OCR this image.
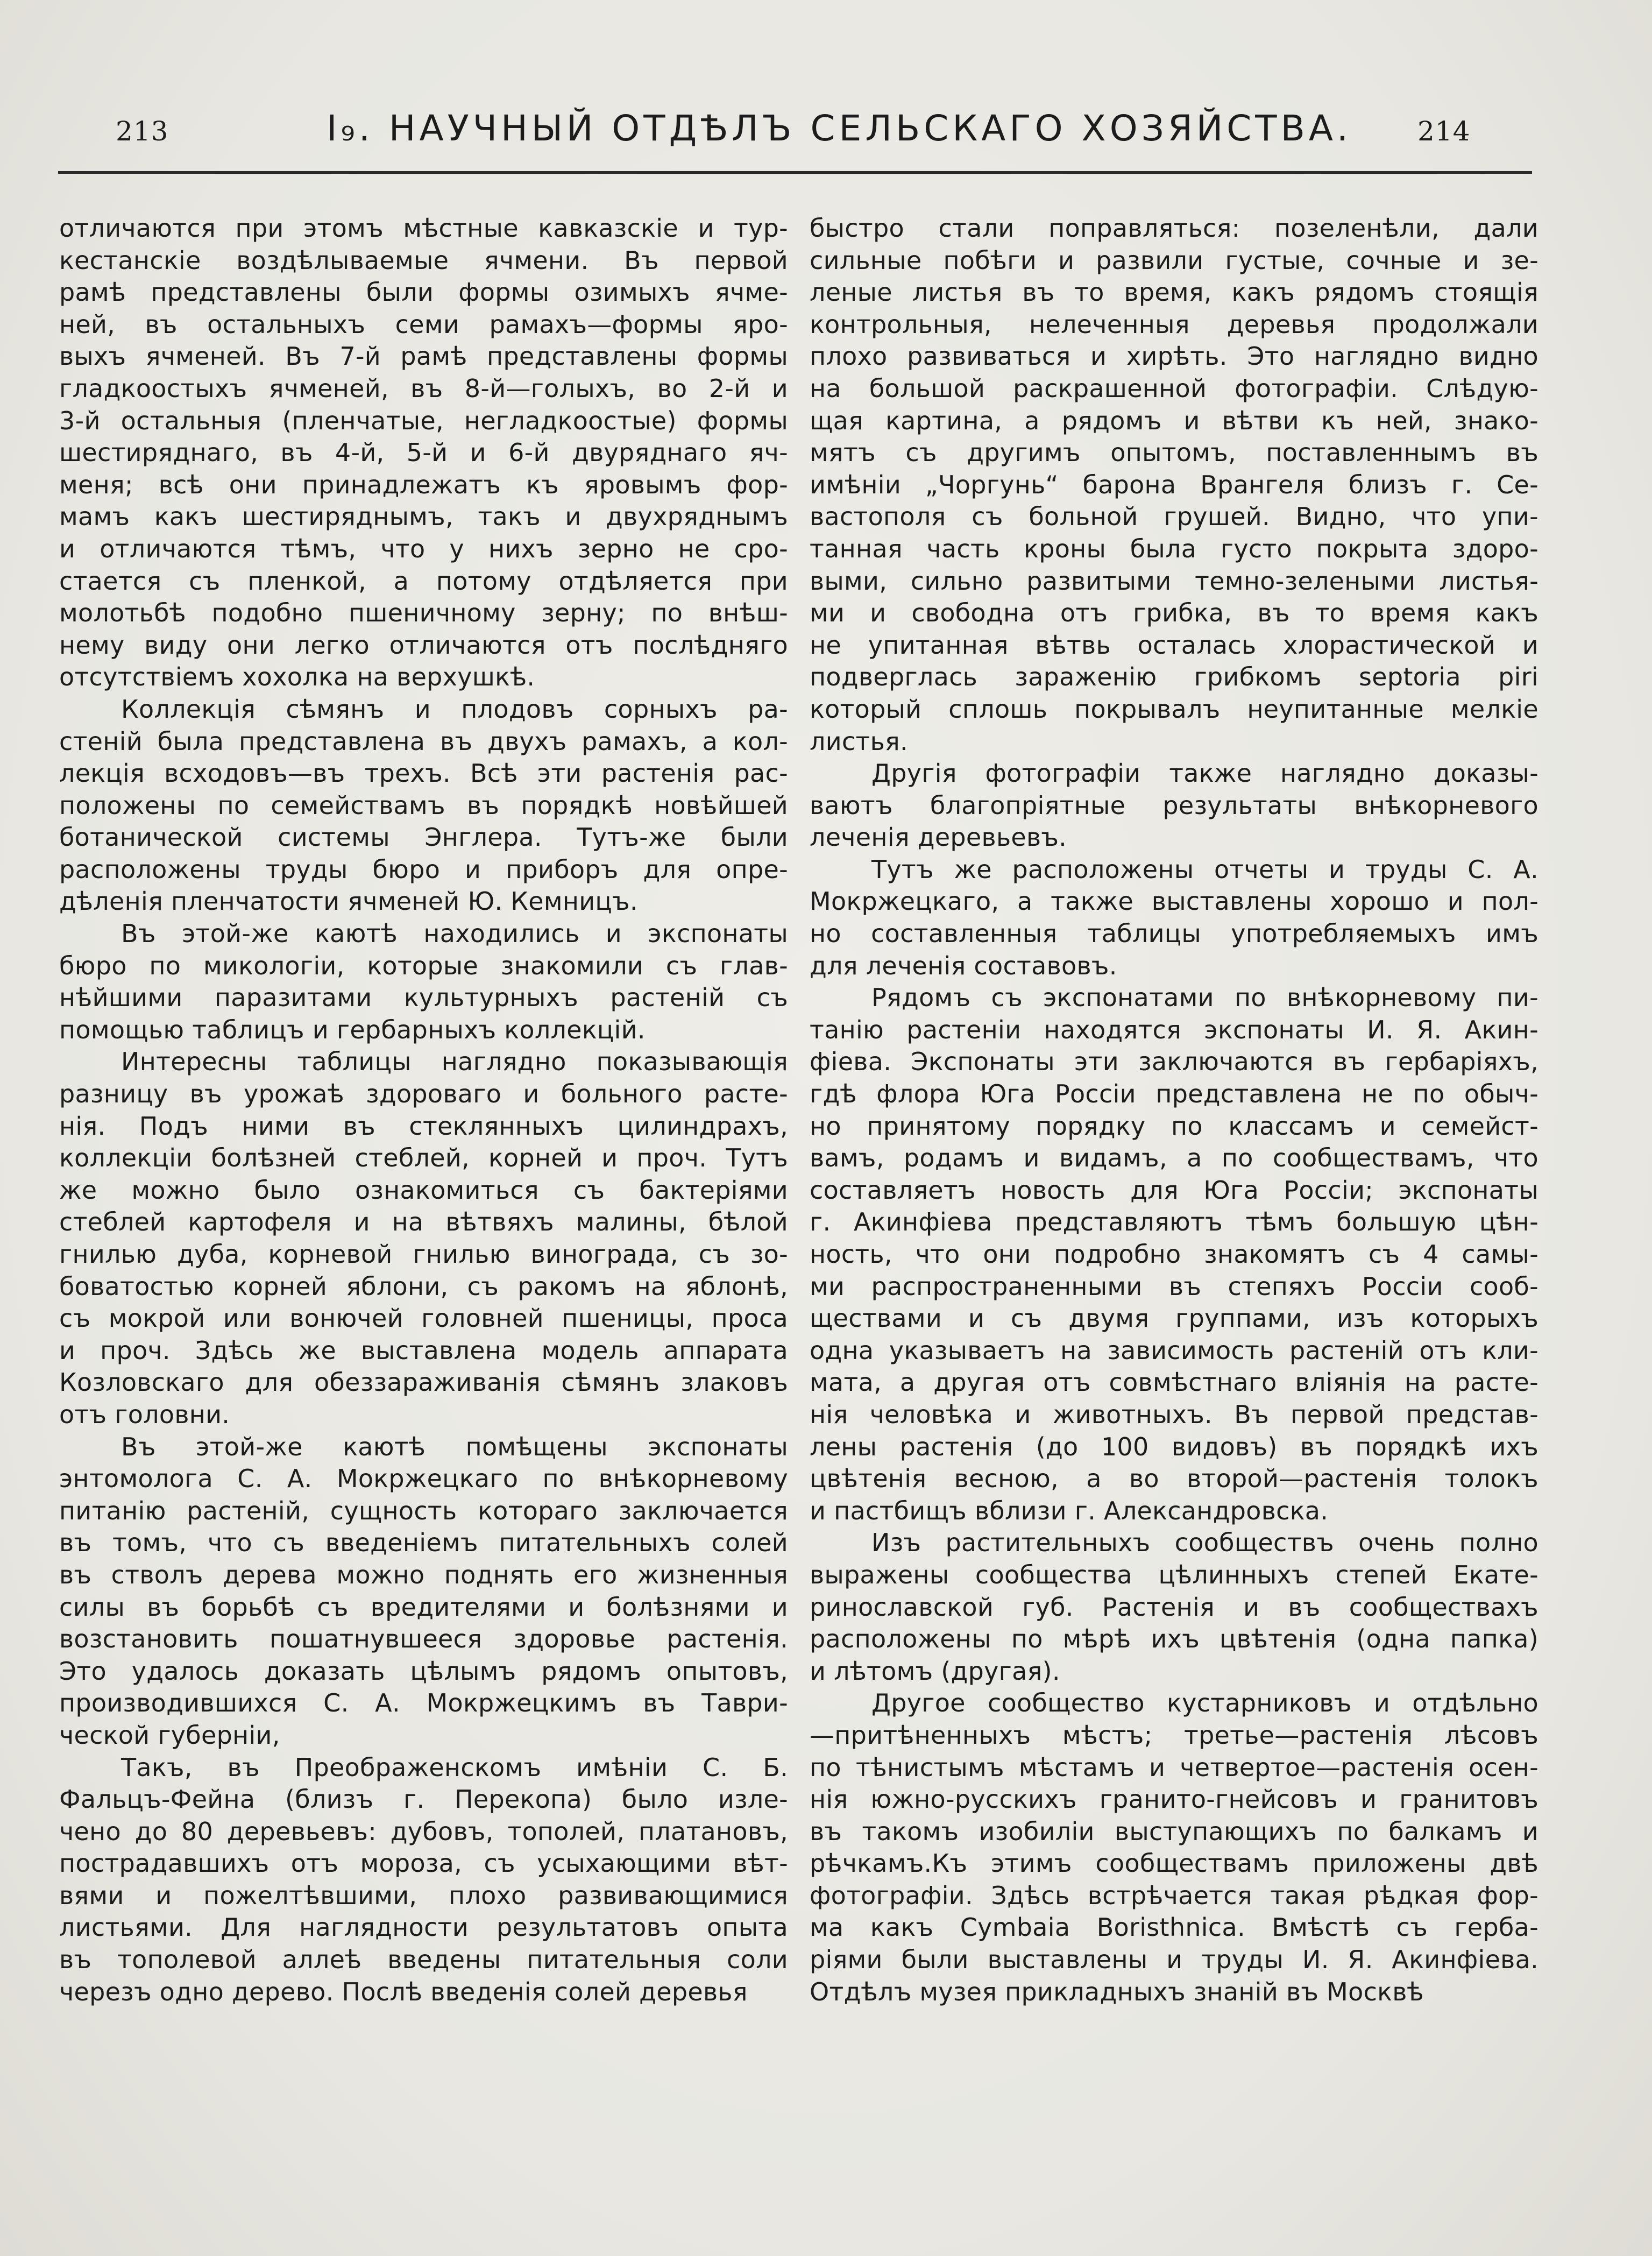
213	I₉. НАУЧНЫЙ ОТДѢЛЪ СЕЛЬСКАГО ХОЗЯЙСТВА.	214
отличаются при этомъ мѣстные кавказскіе и тур-
кестанскіе воздѣлываемые ячмени. Въ первой
рамѣ представлены были формы озимыхъ ячме-
ней, въ остальныхъ семи рамахъ—формы яро-
выхъ ячменей. Въ 7-й рамѣ представлены формы
гладкоостыхъ ячменей, въ 8-й—голыхъ, во 2-й и
3-й остальныя (пленчатые, негладкоостые) формы
шестиряднаго, въ 4-й, 5-й и 6-й двуряднаго яч-
меня; всѣ они принадлежатъ къ яровымъ фор-
мамъ какъ шестиряднымъ, такъ и двухряднымъ
и отличаются тѣмъ, что у нихъ зерно не сро-
стается съ пленкой, а потому отдѣляется при
молотьбѣ подобно пшеничному зерну; по внѣш-
нему виду они легко отличаются отъ послѣдняго
отсутствіемъ хохолка на верхушкѣ.
Коллекція сѣмянъ и плодовъ сорныхъ ра-
стеній была представлена въ двухъ рамахъ, а кол-
лекція всходовъ—въ трехъ. Всѣ эти растенія рас-
положены по семействамъ въ порядкѣ новѣйшей
ботанической системы Энглера. Тутъ-же были
расположены труды бюро и приборъ для опре-
дѣленія пленчатости ячменей Ю. Кемницъ.
Въ этой-же каютѣ находились и экспонаты
бюро по микологіи, которые знакомили съ глав-
нѣйшими паразитами культурныхъ растеній съ
помощью таблицъ и гербарныхъ коллекцій.
Интересны таблицы наглядно показывающія
разницу въ урожаѣ здороваго и больного расте-
нія. Подъ ними въ стеклянныхъ цилиндрахъ,
коллекціи болѣзней стеблей, корней и проч. Тутъ
же можно было ознакомиться съ бактеріями
стеблей картофеля и на вѣтвяхъ малины, бѣлой
гнилью дуба, корневой гнилью винограда, съ зо-
боватостью корней яблони, съ ракомъ на яблонѣ,
съ мокрой или вонючей головней пшеницы, проса
и проч. Здѣсь же выставлена модель аппарата
Козловскаго для обеззараживанія сѣмянъ злаковъ
отъ головни.
Въ этой-же каютѣ помѣщены экспонаты
энтомолога С. А. Мокржецкаго по внѣкорневому
питанію растеній, сущность котораго заключается
въ томъ, что съ введеніемъ питательныхъ солей
въ стволъ дерева можно поднять его жизненныя
силы въ борьбѣ съ вредителями и болѣзнями и
возстановить пошатнувшееся здоровье растенія.
Это удалось доказать цѣлымъ рядомъ опытовъ,
производившихся С. А. Мокржецкимъ въ Таври-
ческой губерніи,
Такъ, въ Преображенскомъ имѣніи С. Б.
Фальцъ-Фейна (близъ г. Перекопа) было изле-
чено до 80 деревьевъ: дубовъ, тополей, платановъ,
пострадавшихъ отъ мороза, съ усыхающими вѣт-
вями и пожелтѣвшими, плохо развивающимися
листьями. Для наглядности результатовъ опыта
въ тополевой аллеѣ введены питательныя соли
черезъ одно дерево. Послѣ введенія солей деревья
быстро стали поправляться: позеленѣли, дали
сильные побѣги и развили густые, сочные и зе-
леные листья въ то время, какъ рядомъ стоящія
контрольныя, нелеченныя деревья продолжали
плохо развиваться и хирѣть. Это наглядно видно
на большой раскрашенной фотографіи. Слѣдую-
щая картина, а рядомъ и вѣтви къ ней, знако-
мятъ съ другимъ опытомъ, поставленнымъ въ
имѣніи „Чоргунь“ барона Врангеля близъ г. Се-
вастополя съ больной грушей. Видно, что упи-
танная часть кроны была густо покрыта здоро-
выми, сильно развитыми темно-зелеными листья-
ми и свободна отъ грибка, въ то время какъ
не упитанная вѣтвь осталась хлорастической и
подверглась зараженію грибкомъ septoria piri
который сплошь покрывалъ неупитанные мелкіе
листья.
Другія фотографіи также наглядно доказы-
ваютъ благопріятные результаты внѣкорневого
леченія деревьевъ.
Тутъ же расположены отчеты и труды С. А.
Мокржецкаго, а также выставлены хорошо и пол-
но составленныя таблицы употребляемыхъ имъ
для леченія составовъ.
Рядомъ съ экспонатами по внѣкорневому пи-
танію растеніи находятся экспонаты И. Я. Акин-
фіева. Экспонаты эти заключаются въ гербаріяхъ,
гдѣ флора Юга Россіи представлена не по обыч-
но принятому порядку по классамъ и семейст-
вамъ, родамъ и видамъ, а по сообществамъ, что
составляетъ новость для Юга Россіи; экспонаты
г. Акинфіева представляютъ тѣмъ большую цѣн-
ность, что они подробно знакомятъ съ 4 самы-
ми распространенными въ степяхъ Россіи сооб-
ществами и съ двумя группами, изъ которыхъ
одна указываетъ на зависимость растеній отъ кли-
мата, а другая отъ совмѣстнаго вліянія на расте-
нія человѣка и животныхъ. Въ первой представ-
лены растенія (до 100 видовъ) въ порядкѣ ихъ
цвѣтенія весною, а во второй—растенія толокъ
и пастбищъ вблизи г. Александровска.
Изъ растительныхъ сообществъ очень полно
выражены сообщества цѣлинныхъ степей Екате-
ринославской губ. Растенія и въ сообществахъ
расположены по мѣрѣ ихъ цвѣтенія (одна папка)
и лѣтомъ (другая).
Другое сообщество кустарниковъ и отдѣльно
—притѣненныхъ мѣстъ; третье—растенія лѣсовъ
по тѣнистымъ мѣстамъ и четвертое—растенія осен-
нія южно-русскихъ гранито-гнейсовъ и гранитовъ
въ такомъ изобиліи выступающихъ по балкамъ и
рѣчкамъ.Къ этимъ сообществамъ приложены двѣ
фотографіи. Здѣсь встрѣчается такая рѣдкая фор-
ма какъ Cymbaia Boristhnica. Вмѣстѣ съ герба-
ріями были выставлены и труды И. Я. Акинфіева.
Отдѣлъ музея прикладныхъ знаній въ Москвѣ
